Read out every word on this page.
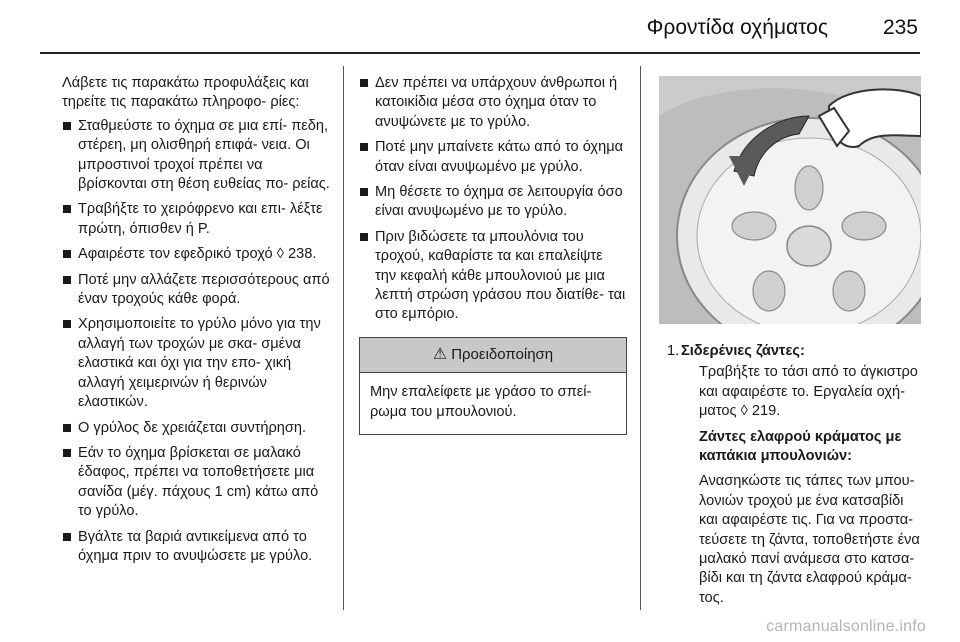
Φροντίδα οχήματος	235

Λάβετε τις παρακάτω προφυλάξεις και τηρείτε τις παρακάτω πληροφο‐ ρίες:

Σταθμεύστε το όχημα σε μια επί‐ πεδη, στέρεη, μη ολισθηρή επιφά‐ νεια. Οι μπροστινοί τροχοί πρέπει να βρίσκονται στη θέση ευθείας πο‐ ρείας.
Τραβήξτε το χειρόφρενο και επι‐ λέξτε πρώτη, όπισθεν ή P.
Αφαιρέστε τον εφεδρικό τροχό ◊ 238.
Ποτέ μην αλλάζετε περισσότερους από έναν τροχούς κάθε φορά.
Χρησιμοποιείτε το γρύλο μόνο για την αλλαγή των τροχών με σκα‐ σμένα ελαστικά και όχι για την επο‐ χική αλλαγή χειμερινών ή θερινών ελαστικών.
Ο γρύλος δε χρειάζεται συντήρηση.
Εάν το όχημα βρίσκεται σε μαλακό έδαφος, πρέπει να τοποθετήσετε μια σανίδα (μέγ. πάχους 1 cm) κάτω από το γρύλο.
Βγάλτε τα βαριά αντικείμενα από το όχημα πριν το ανυψώσετε με γρύλο.
Δεν πρέπει να υπάρχουν άνθρωποι ή κατοικίδια μέσα στο όχημα όταν το ανυψώνετε με το γρύλο.
Ποτέ μην μπαίνετε κάτω από το όχημα όταν είναι ανυψωμένο με γρύλο.
Μη θέσετε το όχημα σε λειτουργία όσο είναι ανυψωμένο με το γρύλο.
Πριν βιδώσετε τα μπουλόνια του τροχού, καθαρίστε τα και επαλείψτε την κεφαλή κάθε μπουλονιού με μια λεπτή στρώση γράσου που διατίθε‐ ται στο εμπόριο.
⚠ Προειδοποίηση
Μην επαλείφετε με γράσο το σπεί‐ ρωμα του μπουλονιού.
1. Σιδερένιες ζάντες:

Τραβήξτε το τάσι από το άγκιστρο και αφαιρέστε το. Εργαλεία οχή‐ ματος ◊ 219.

Ζάντες ελαφρού κράματος με καπάκια μπουλονιών:

Ανασηκώστε τις τάπες των μπου‐ λονιών τροχού με ένα κατσαβίδι και αφαιρέστε τις. Για να προστα‐ τεύσετε τη ζάντα, τοποθετήστε ένα μαλακό πανί ανάμεσα στο κατσα‐ βίδι και τη ζάντα ελαφρού κράμα‐ τος.

carmanualsonline.info
